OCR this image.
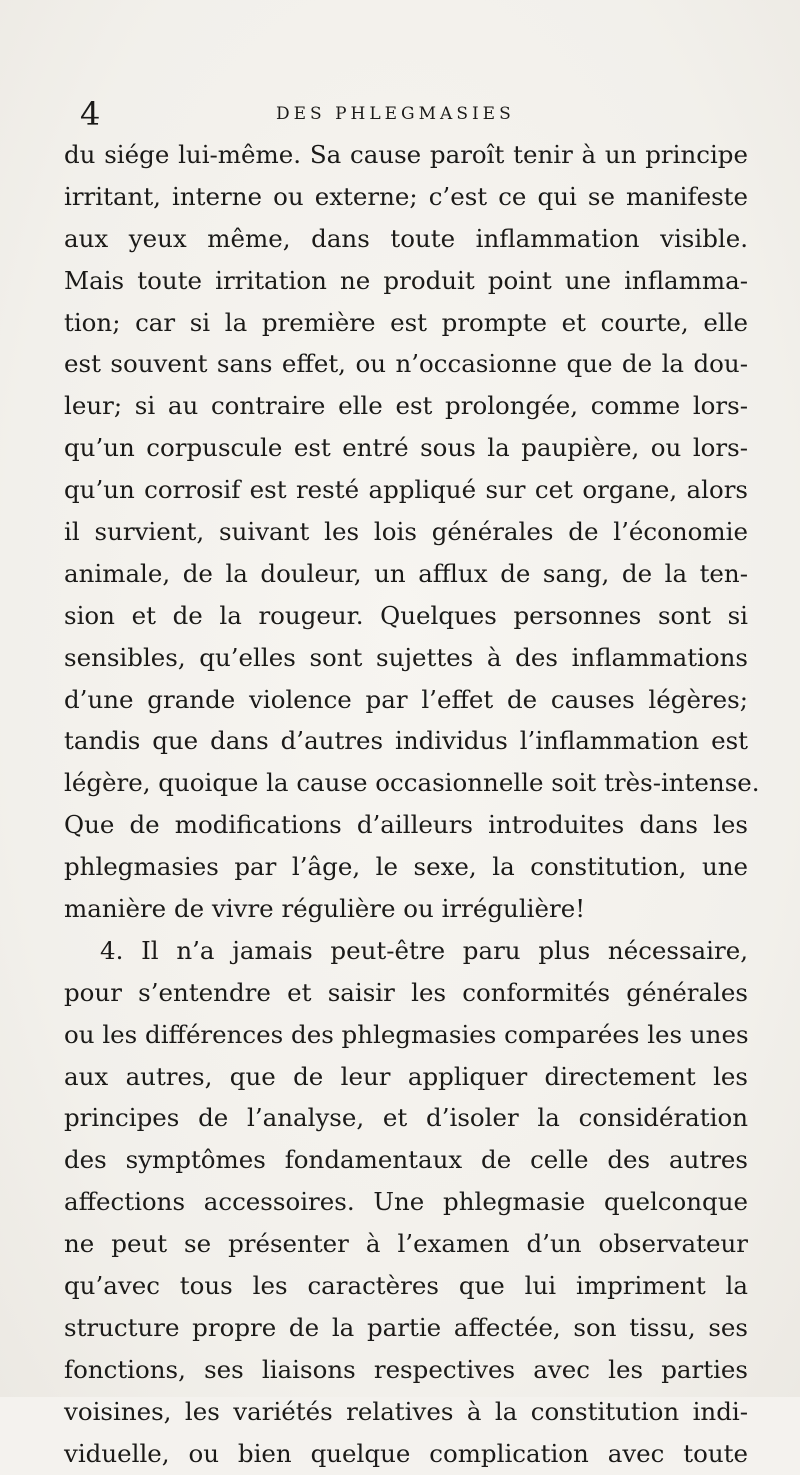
4	DES PHLEGMASIES
du siége lui-même. Sa cause paroît tenir à un principe
irritant, interne ou externe; c’est ce qui se manifeste
aux yeux même, dans toute inflammation visible.
Mais toute irritation ne produit point une inflamma-
tion; car si la première est prompte et courte, elle
est souvent sans effet, ou n’occasionne que de la dou-
leur; si au contraire elle est prolongée, comme lors-
qu’un corpuscule est entré sous la paupière, ou lors-
qu’un corrosif est resté appliqué sur cet organe, alors
il survient, suivant les lois générales de l’économie
animale, de la douleur, un afflux de sang, de la ten-
sion et de la rougeur. Quelques personnes sont si
sensibles, qu’elles sont sujettes à des inflammations
d’une grande violence par l’effet de causes légères;
tandis que dans d’autres individus l’inflammation est
légère, quoique la cause occasionnelle soit très-intense.
Que de modifications d’ailleurs introduites dans les
phlegmasies par l’âge, le sexe, la constitution, une
manière de vivre régulière ou irrégulière!
4. Il n’a jamais peut-être paru plus nécessaire,
pour s’entendre et saisir les conformités générales
ou les différences des phlegmasies comparées les unes
aux autres, que de leur appliquer directement les
principes de l’analyse, et d’isoler la considération
des symptômes fondamentaux de celle des autres
affections accessoires. Une phlegmasie quelconque
ne peut se présenter à l’examen d’un observateur
qu’avec tous les caractères que lui impriment la
structure propre de la partie affectée, son tissu, ses
fonctions, ses liaisons respectives avec les parties
voisines, les variétés relatives à la constitution indi-
viduelle, ou bien quelque complication avec toute
